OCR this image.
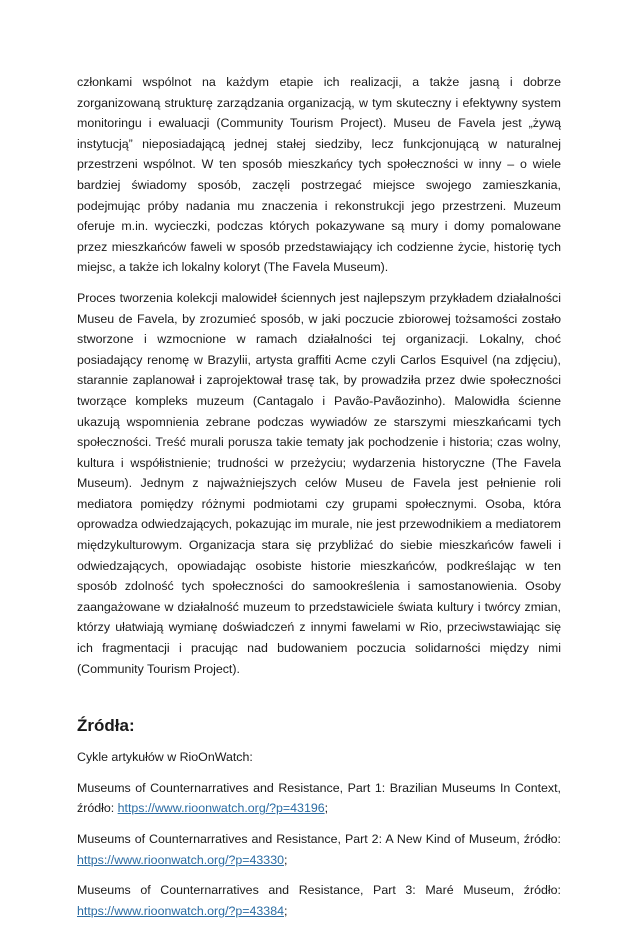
członkami wspólnot na każdym etapie ich realizacji, a także jasną i dobrze zorganizowaną strukturę zarządzania organizacją, w tym skuteczny i efektywny system monitoringu i ewaluacji (Community Tourism Project). Museu de Favela jest „żywą instytucją” nieposiadającą jednej stałej siedziby, lecz funkcjonującą w naturalnej przestrzeni wspólnot. W ten sposób mieszkańcy tych społeczności w inny – o wiele bardziej świadomy sposób, zaczęli postrzegać miejsce swojego zamieszkania, podejmując próby nadania mu znaczenia i rekonstrukcji jego przestrzeni. Muzeum oferuje m.in. wycieczki, podczas których pokazywane są mury i domy pomalowane przez mieszkańców faweli w sposób przedstawiający ich codzienne życie, historię tych miejsc, a także ich lokalny koloryt (The Favela Museum).

Proces tworzenia kolekcji malowideł ściennych jest najlepszym przykładem działalności Museu de Favela, by zrozumieć sposób, w jaki poczucie zbiorowej tożsamości zostało stworzone i wzmocnione w ramach działalności tej organizacji. Lokalny, choć posiadający renomę w Brazylii, artysta graffiti Acme czyli Carlos Esquivel (na zdjęciu), starannie zaplanował i zaprojektował trasę tak, by prowadziła przez dwie społeczności tworzące kompleks muzeum (Cantagalo i Pavão-Pavãozinho). Malowidła ścienne ukazują wspomnienia zebrane podczas wywiadów ze starszymi mieszkańcami tych społeczności. Treść murali porusza takie tematy jak pochodzenie i historia; czas wolny, kultura i współistnienie; trudności w przeżyciu; wydarzenia historyczne (The Favela Museum). Jednym z najważniejszych celów Museu de Favela jest pełnienie roli mediatora pomiędzy różnymi podmiotami czy grupami społecznymi. Osoba, która oprowadza odwiedzających, pokazując im murale, nie jest przewodnikiem a mediatorem międzykulturowym. Organizacja stara się przybliżać do siebie mieszkańców faweli i odwiedzających, opowiadając osobiste historie mieszkańców, podkreślając w ten sposób zdolność tych społeczności do samookreślenia i samostanowienia. Osoby zaangażowane w działalność muzeum to przedstawiciele świata kultury i twórcy zmian, którzy ułatwiają wymianę doświadczeń z innymi fawelami w Rio, przeciwstawiając się ich fragmentacji i pracując nad budowaniem poczucia solidarności między nimi (Community Tourism Project).

Źródła:

Cykle artykułów w RioOnWatch:

Museums of Counternarratives and Resistance, Part 1: Brazilian Museums In Context, źródło: https://www.rioonwatch.org/?p=43196;

Museums of Counternarratives and Resistance, Part 2: A New Kind of Museum, źródło: https://www.rioonwatch.org/?p=43330;

Museums of Counternarratives and Resistance, Part 3: Maré Museum, źródło: https://www.rioonwatch.org/?p=43384;
